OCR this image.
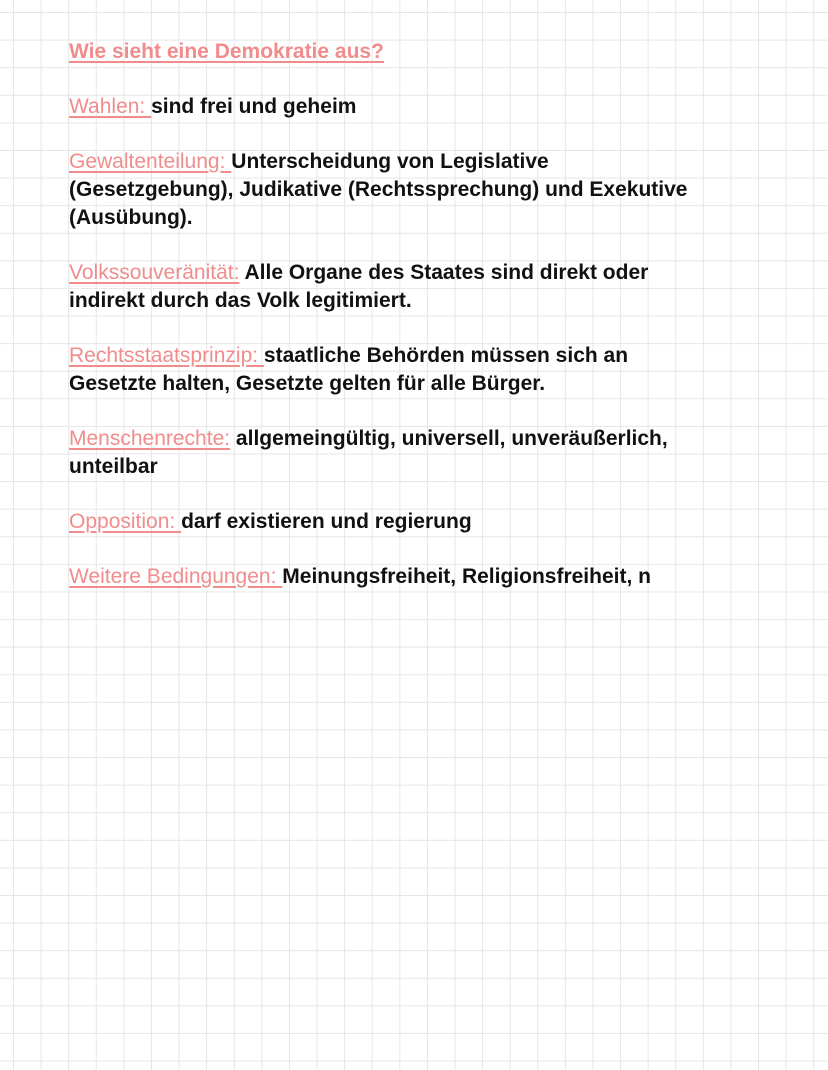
Wie sieht eine Demokratie aus?
Wahlen: sind frei und geheim
Gewaltenteilung: Unterscheidung von Legislative (Gesetzgebung), Judikative (Rechtssprechung) und Exekutive (Ausübung).
Volkssouveränität: Alle Organe des Staates sind direkt oder indirekt durch das Volk legitimiert.
Rechtsstaatsprinzip: staatliche Behörden müssen sich an Gesetzte halten, Gesetzte gelten für alle Bürger.
Menschenrechte: allgemeingültig, universell, unveräußerlich, unteilbar
Opposition: darf existieren und regierung
Weitere Bedingungen: Meinungsfreiheit, Religionsfreiheit, n
